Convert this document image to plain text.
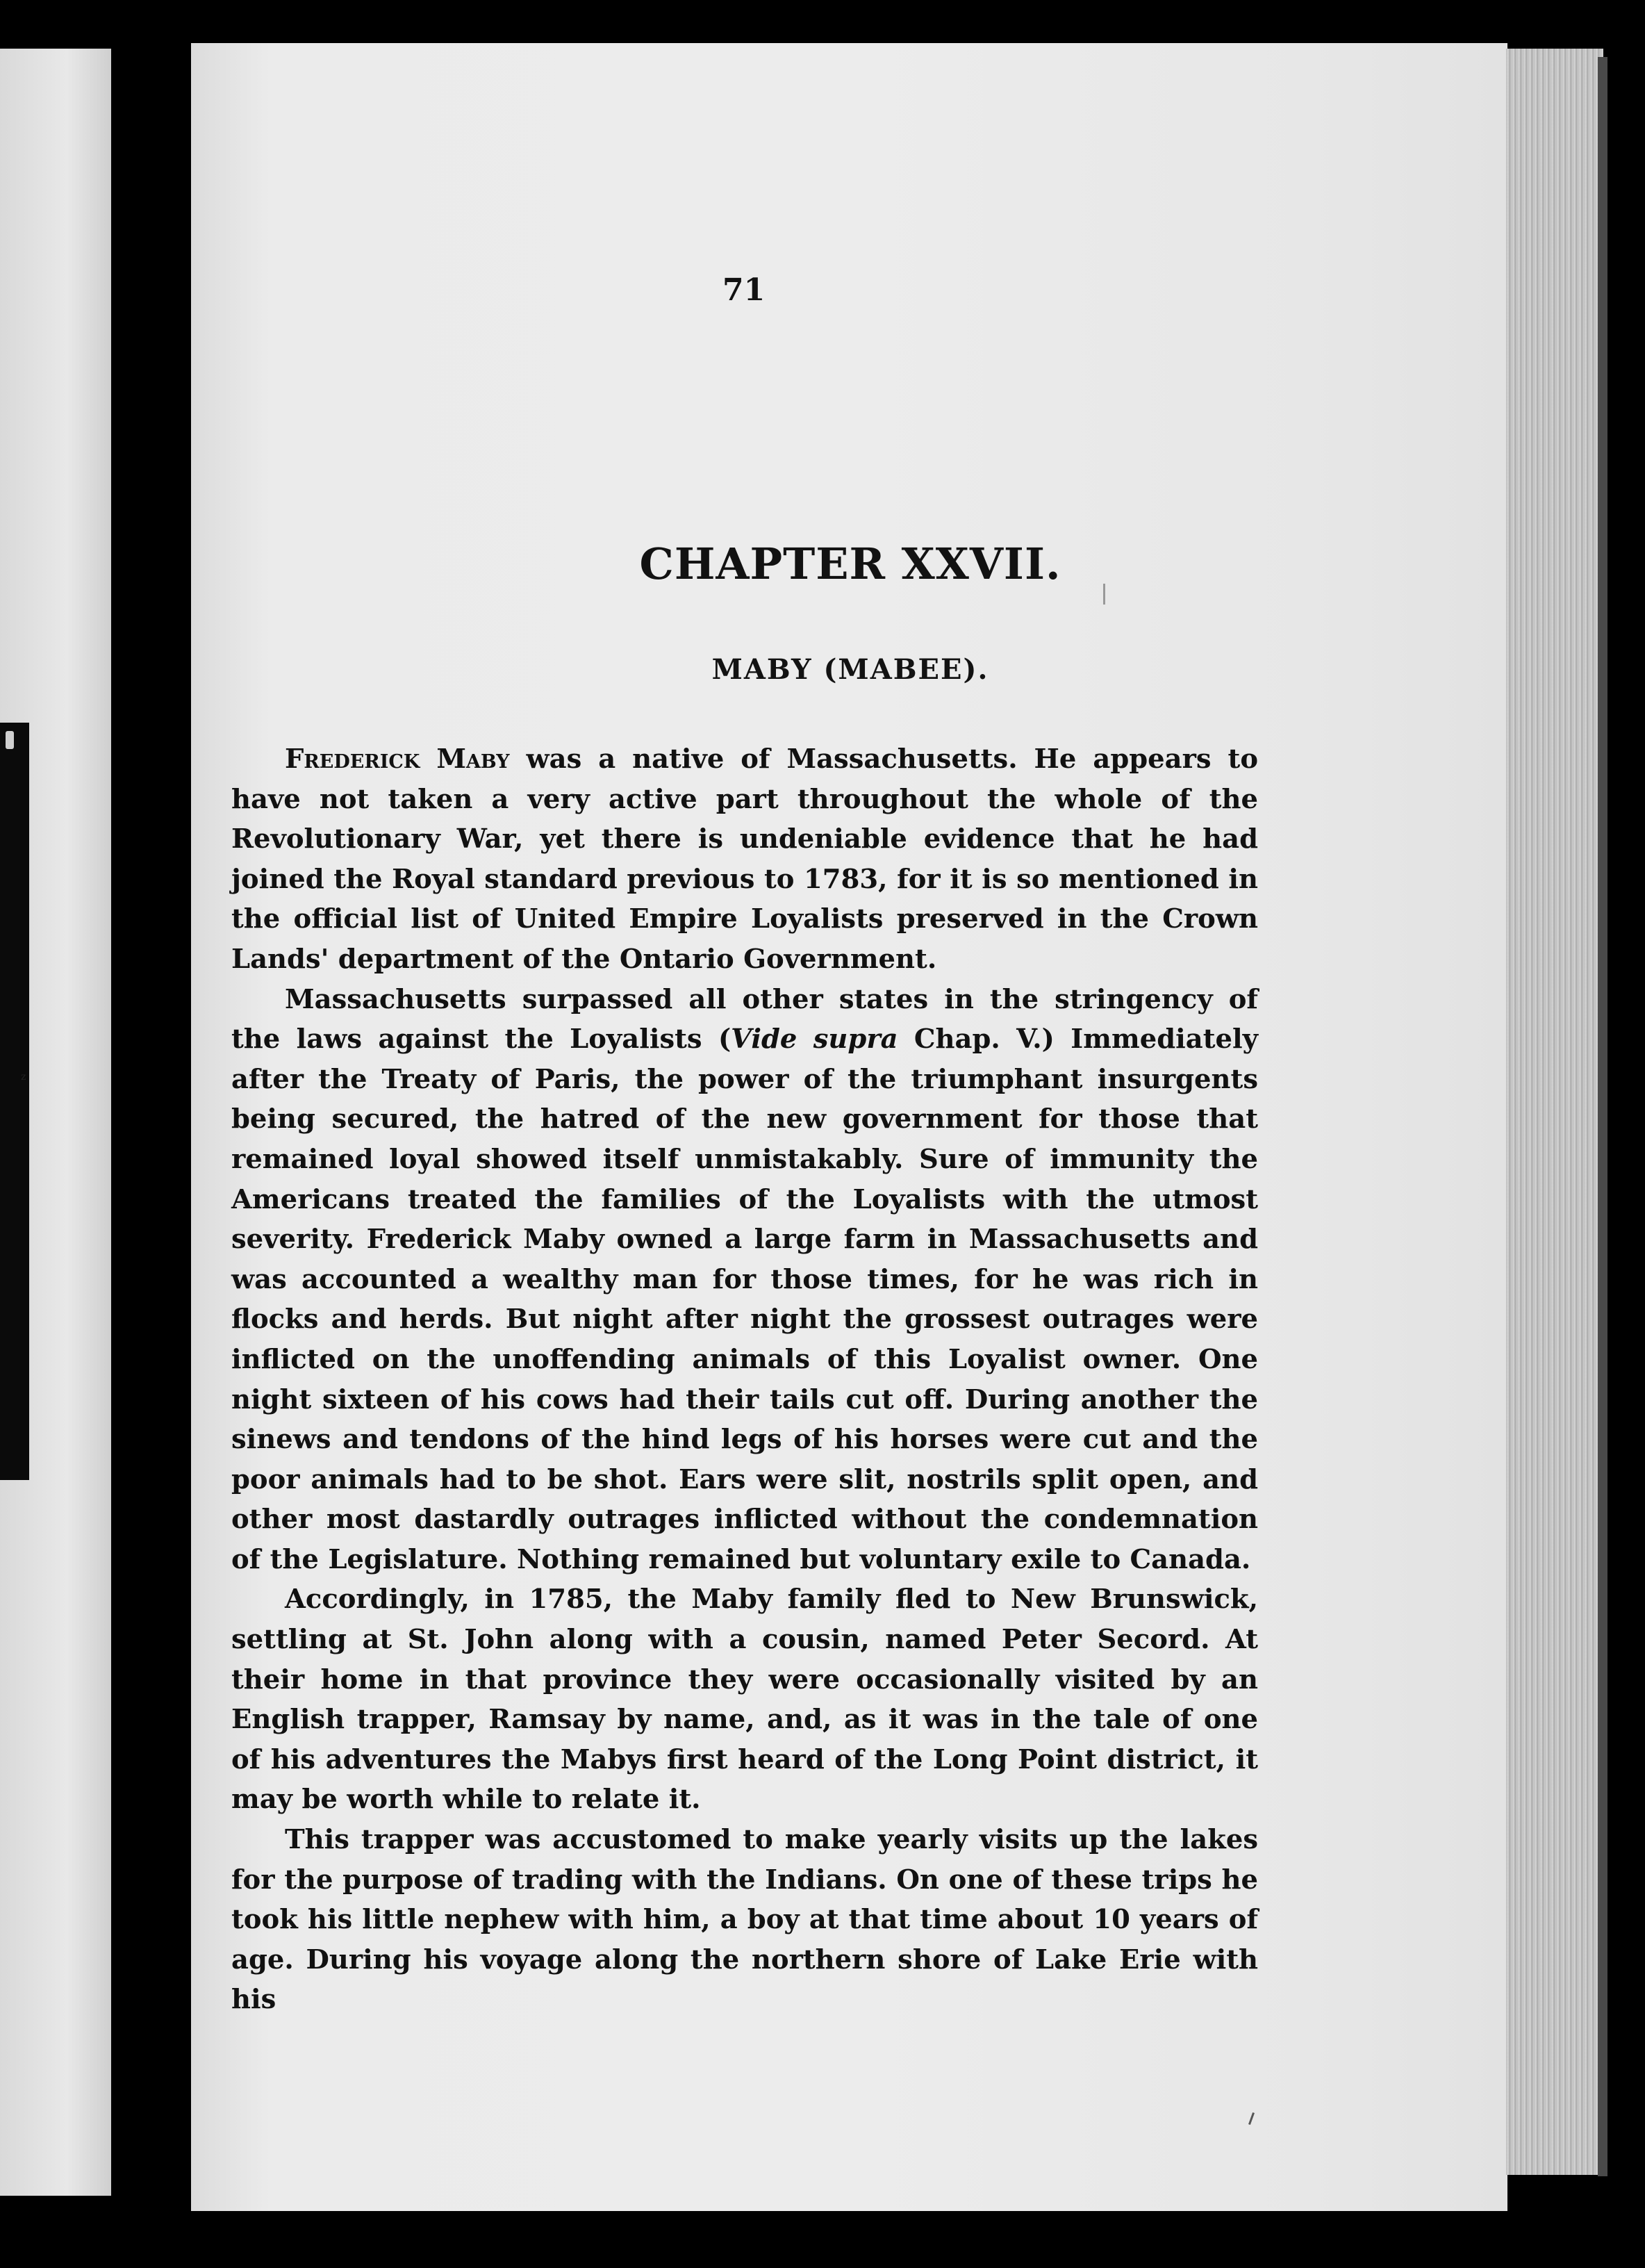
z
71
CHAPTER XXVII.
MABY (MABEE).

Frederick Maby was a native of Massachusetts. He appears to have not taken a very active part throughout the whole of the Revolutionary War, yet there is undeniable evidence that he had joined the Royal standard previous to 1783, for it is so mentioned in the official list of United Empire Loyalists preserved in the Crown Lands' department of the Ontario Government.

Massachusetts surpassed all other states in the stringency of the laws against the Loyalists (Vide supra Chap. V.) Immediately after the Treaty of Paris, the power of the triumphant insurgents being secured, the hatred of the new government for those that remained loyal showed itself unmistakably. Sure of immunity the Americans treated the families of the Loyalists with the utmost severity. Frederick Maby owned a large farm in Massachusetts and was accounted a wealthy man for those times, for he was rich in flocks and herds. But night after night the grossest outrages were inflicted on the unoffending animals of this Loyalist owner. One night sixteen of his cows had their tails cut off. During another the sinews and tendons of the hind legs of his horses were cut and the poor animals had to be shot. Ears were slit, nostrils split open, and other most dastardly outrages inflicted without the condemnation of the Legislature. Nothing remained but voluntary exile to Canada.

Accordingly, in 1785, the Maby family fled to New Brunswick, settling at St. John along with a cousin, named Peter Secord. At their home in that province they were occasionally visited by an English trapper, Ramsay by name, and, as it was in the tale of one of his adventures the Mabys first heard of the Long Point district, it may be worth while to relate it.

This trapper was accustomed to make yearly visits up the lakes for the purpose of trading with the Indians. On one of these trips he took his little nephew with him, a boy at that time about 10 years of age. During his voyage along the northern shore of Lake Erie with his
